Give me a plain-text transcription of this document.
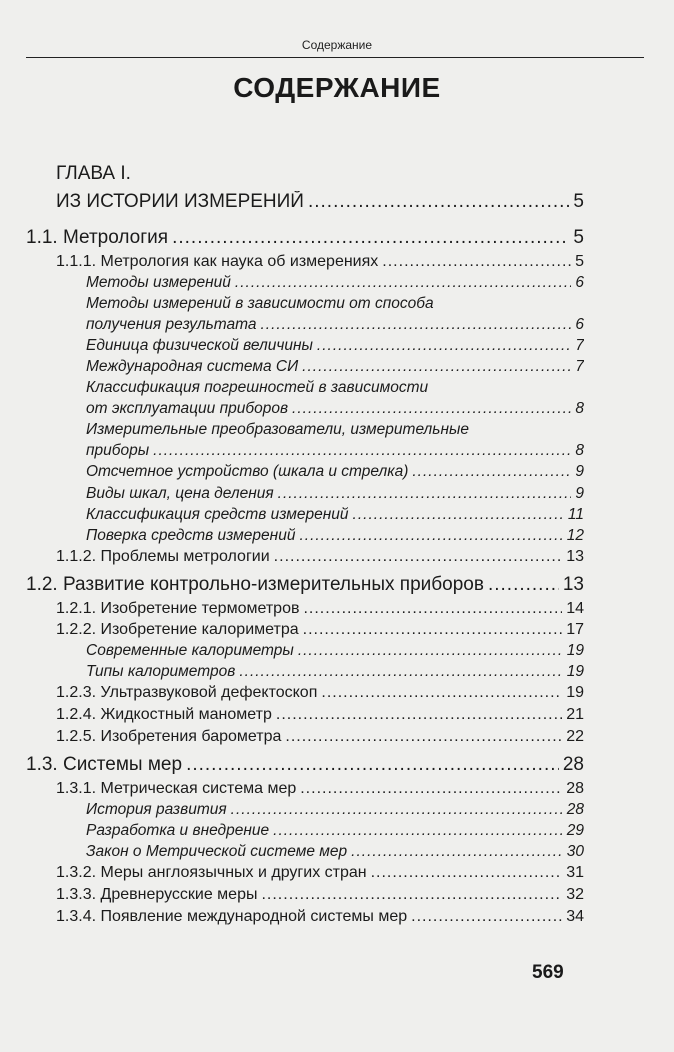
Содержание
СОДЕРЖАНИЕ
ГЛАВА I.
ИЗ ИСТОРИИ ИЗМЕРЕНИЙ .....	5
1.1. Метрология .....	5
1.1.1. Метрология как наука об измерениях .....	5
Методы измерений .....	6
Методы измерений в зависимости от способа
получения результата .....	6
Единица физической величины .....	7
Международная система СИ .....	7
Классификация погрешностей в зависимости
от эксплуатации приборов .....	8
Измерительные преобразователи, измерительные
приборы .....	8
Отсчетное устройство (шкала и стрелка) .....	9
Виды шкал, цена деления .....	9
Классификация средств измерений .....	11
Поверка средств измерений .....	12
1.1.2. Проблемы метрологии .....	13
1.2. Развитие контрольно-измерительных приборов .....	13
1.2.1. Изобретение термометров .....	14
1.2.2. Изобретение калориметра .....	17
Современные калориметры .....	19
Типы калориметров .....	19
1.2.3. Ультразвуковой дефектоскоп .....	19
1.2.4. Жидкостный манометр .....	21
1.2.5. Изобретения барометра .....	22
1.3. Системы мер .....	28
1.3.1. Метрическая система мер .....	28
История развития .....	28
Разработка и внедрение .....	29
Закон о Метрической системе мер .....	30
1.3.2. Меры англоязычных и других стран .....	31
1.3.3. Древнерусские меры .....	32
1.3.4. Появление международной системы мер .....	34
569
